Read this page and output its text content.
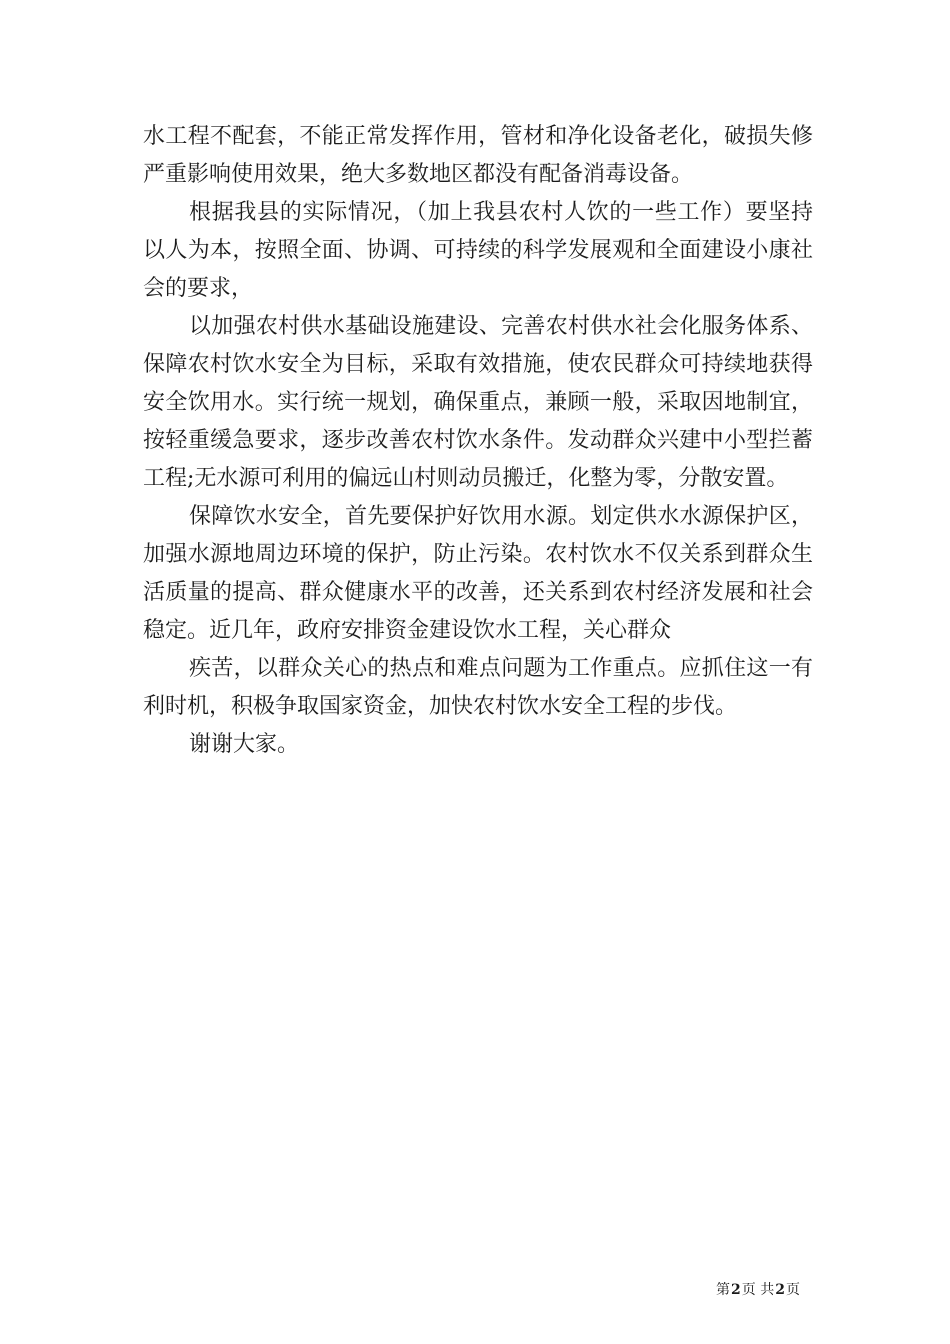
水工程不配套，不能正常发挥作用，管材和净化设备老化，破损失修严重影响使用效果，绝大多数地区都没有配备消毒设备。

根据我县的实际情况，（加上我县农村人饮的一些工作）要坚持以人为本，按照全面、协调、可持续的科学发展观和全面建设小康社会的要求，

以加强农村供水基础设施建设、完善农村供水社会化服务体系、保障农村饮水安全为目标，采取有效措施，使农民群众可持续地获得安全饮用水。实行统一规划，确保重点，兼顾一般，采取因地制宜，按轻重缓急要求，逐步改善农村饮水条件。发动群众兴建中小型拦蓄工程;无水源可利用的偏远山村则动员搬迁，化整为零，分散安置。

保障饮水安全，首先要保护好饮用水源。划定供水水源保护区，加强水源地周边环境的保护，防止污染。农村饮水不仅关系到群众生活质量的提高、群众健康水平的改善，还关系到农村经济发展和社会稳定。近几年，政府安排资金建设饮水工程，关心群众

疾苦，以群众关心的热点和难点问题为工作重点。应抓住这一有利时机，积极争取国家资金，加快农村饮水安全工程的步伐。

谢谢大家。

第2页 共2页
